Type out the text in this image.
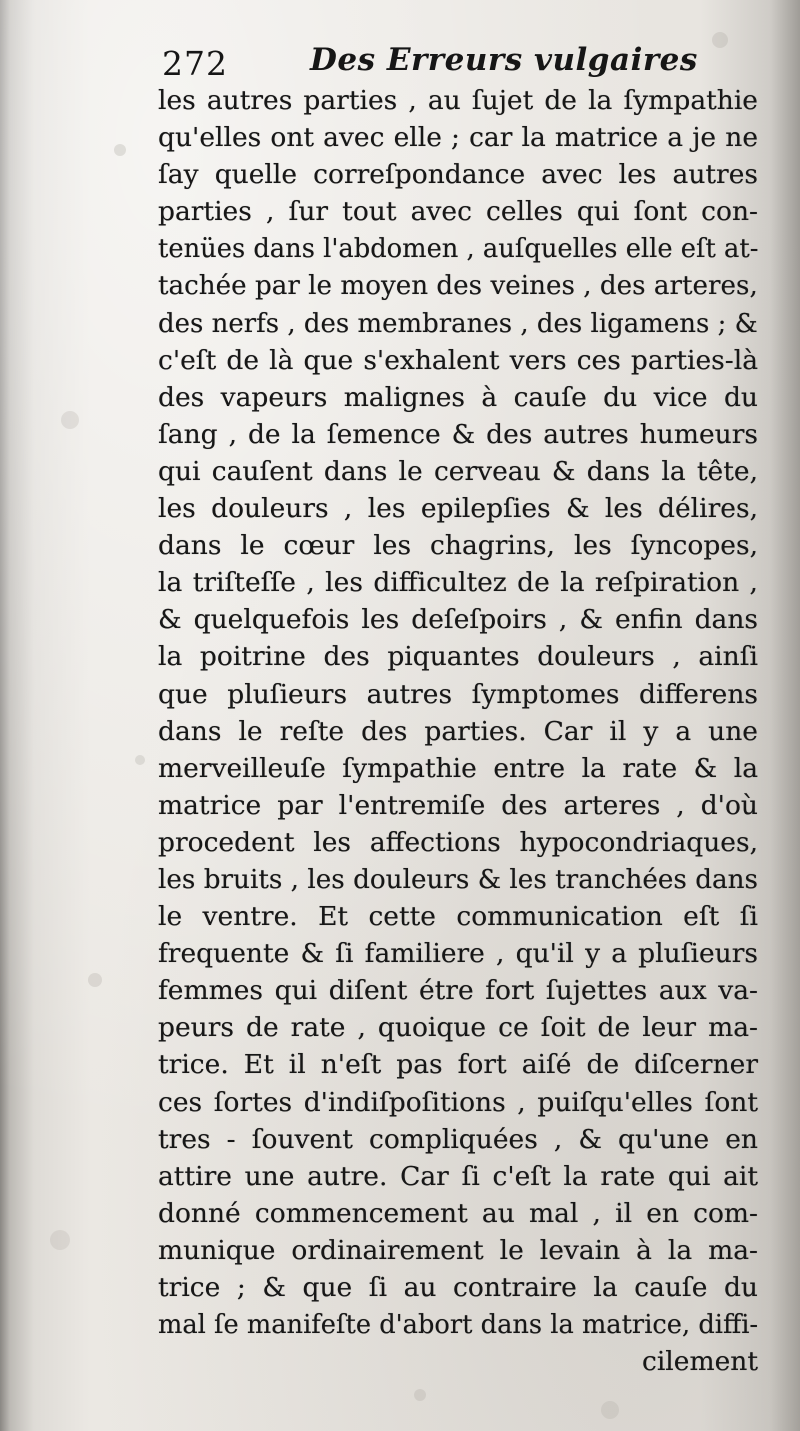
272	Des Erreurs vulgaires
les autres parties , au ſujet de la ſympathie
qu'elles ont avec elle ; car la matrice a je ne
ſay quelle correſpondance avec les autres
parties , ſur tout avec celles qui ſont con-
tenües dans l'abdomen , auſquelles elle eſt at-
tachée par le moyen des veines , des arteres,
des nerfs , des membranes , des ligamens ; &
c'eſt de là que s'exhalent vers ces parties-là
des vapeurs malignes à cauſe du vice du
ſang , de la ſemence & des autres humeurs
qui cauſent dans le cerveau & dans la tête,
les douleurs , les epilepſies & les délires,
dans le cœur les chagrins, les ſyncopes,
la triſteſſe , les difficultez de la reſpiration ,
& quelquefois les deſeſpoirs , & enfin dans
la poitrine des piquantes douleurs , ainſi
que pluſieurs autres ſymptomes differens
dans le reſte des parties. Car il y a une
merveilleuſe ſympathie entre la rate & la
matrice par l'entremiſe des arteres , d'où
procedent les affections hypocondriaques,
les bruits , les douleurs & les tranchées dans
le ventre. Et cette communication eſt ſi
frequente & ſi familiere , qu'il y a pluſieurs
femmes qui diſent étre fort ſujettes aux va-
peurs de rate , quoique ce ſoit de leur ma-
trice. Et il n'eſt pas fort aiſé de diſcerner
ces ſortes d'indiſpoſitions , puiſqu'elles ſont
tres - ſouvent compliquées , & qu'une en
attire une autre. Car ſi c'eſt la rate qui ait
donné commencement au mal , il en com-
munique ordinairement le levain à la ma-
trice ; & que ſi au contraire la cauſe du
mal ſe manifeſte d'abort dans la matrice, diffi-
cilement
